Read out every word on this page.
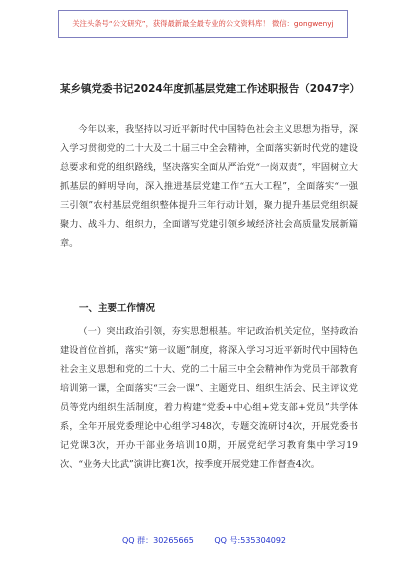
关注头条号“公文研究”，获得最新最全最专业的公文资料库！ 微信：gongwenyj
某乡镇党委书记2024年度抓基层党建工作述职报告（2047字）
今年以来，我坚持以习近平新时代中国特色社会主义思想为指导，深入学习贯彻党的二十大及二十届三中全会精神，全面落实新时代党的建设总要求和党的组织路线，坚决落实全面从严治党“一岗双责”，牢固树立大抓基层的鲜明导向，深入推进基层党建工作“五大工程”，全面落实“一强三引领”农村基层党组织整体提升三年行动计划，聚力提升基层党组织凝聚力、战斗力、组织力，全面谱写党建引领乡域经济社会高质量发展新篇章。
一、主要工作情况
（一）突出政治引领，夯实思想根基。牢记政治机关定位，坚持政治建设首位首抓，落实“第一议题”制度，将深入学习习近平新时代中国特色社会主义思想和党的二十大、党的二十届三中全会精神作为党员干部教育培训第一课，全面落实“三会一课”、主题党日、组织生活会、民主评议党员等党内组织生活制度，着力构建“党委+中心组+党支部+党员”共学体系，全年开展党委理论中心组学习48次，专题交流研讨4次，开展党委书记党课3次，开办干部业务培训10期，开展党纪学习教育集中学习19次、“业务大比武”演讲比赛1次，按季度开展党建工作督查4次。
QQ 群：30265665	QQ 号:535304092
